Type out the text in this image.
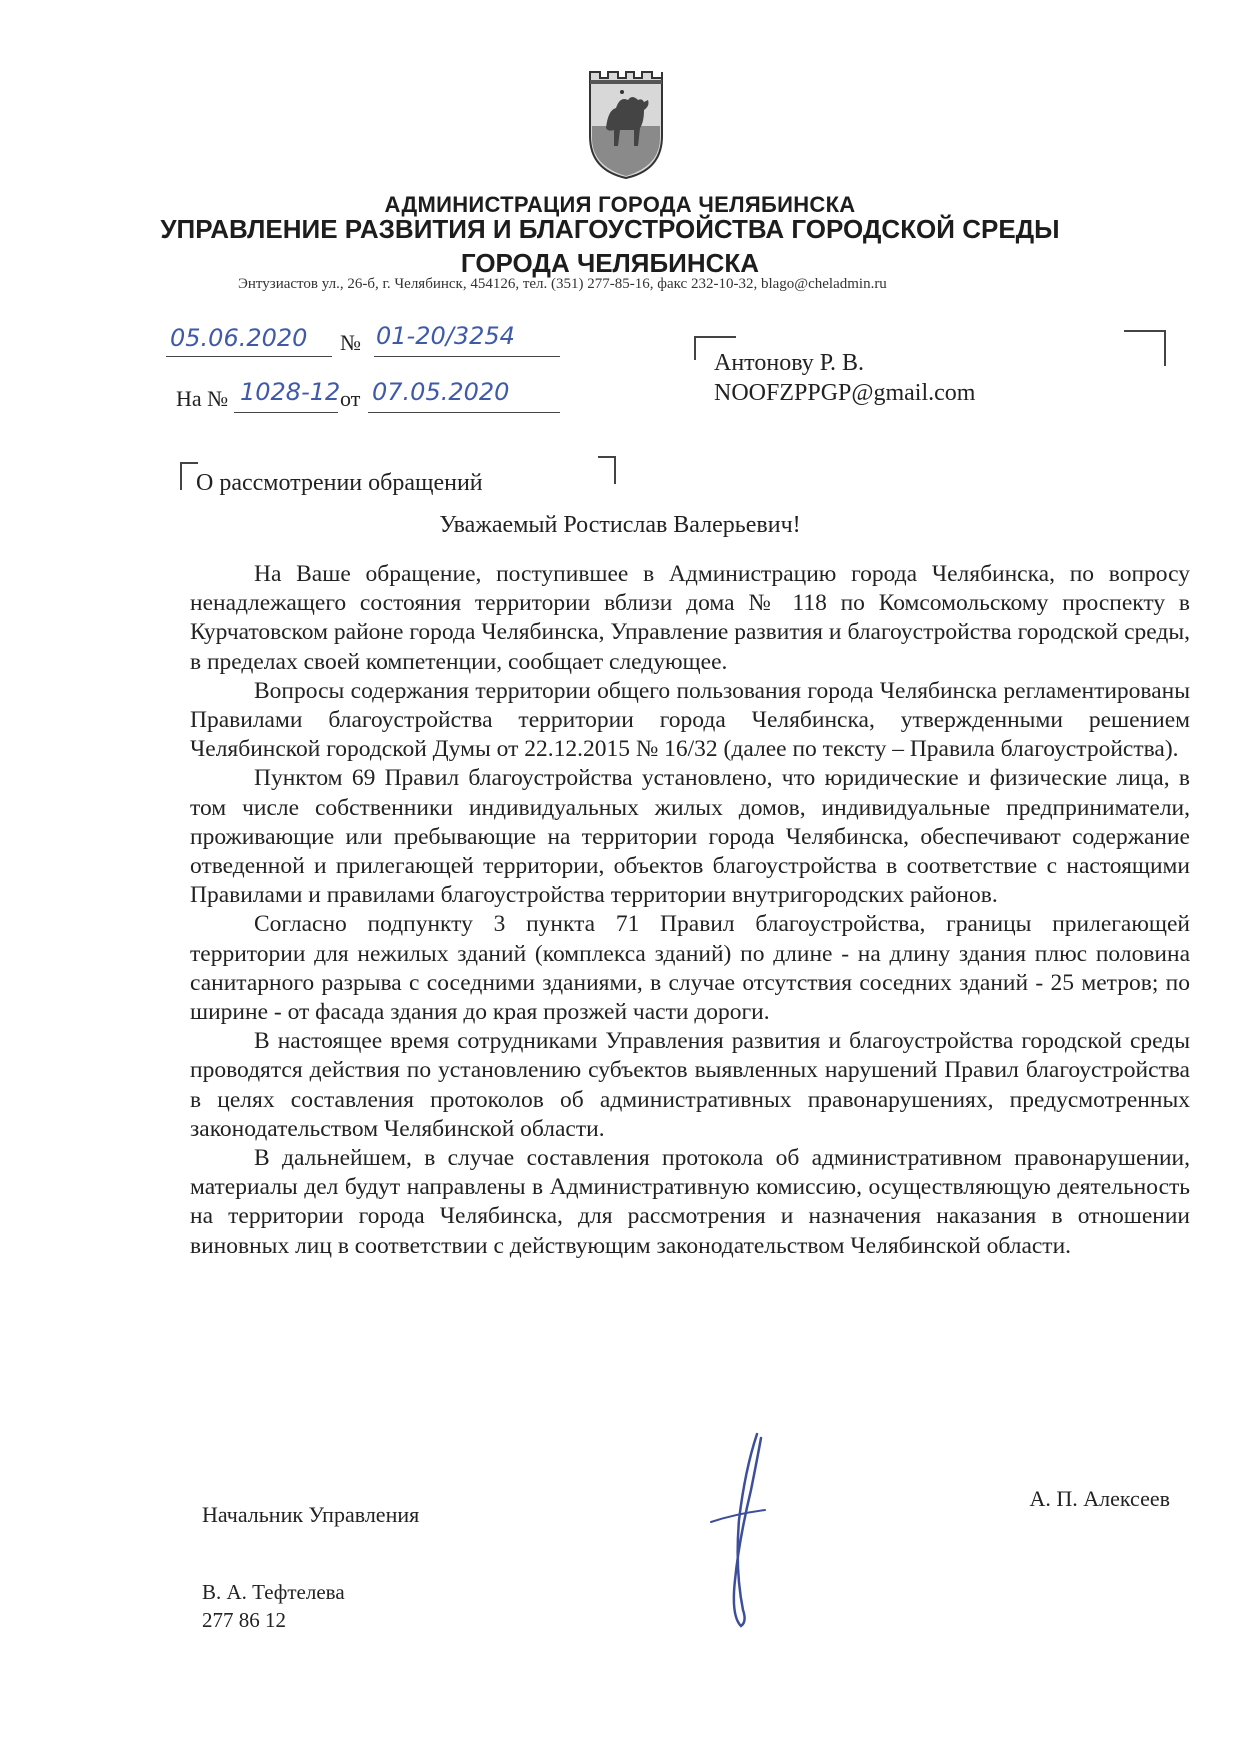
АДМИНИСТРАЦИЯ ГОРОДА ЧЕЛЯБИНСКА
УПРАВЛЕНИЕ РАЗВИТИЯ И БЛАГОУСТРОЙСТВА ГОРОДСКОЙ СРЕДЫ
ГОРОДА ЧЕЛЯБИНСКА
Энтузиастов ул., 26-б, г. Челябинск, 454126, тел. (351) 277-85-16, факс 232-10-32, blago@cheladmin.ru
05.06.2020 № 01-20/3254
На № 1028-12 от 07.05.2020
Антонову Р. В.
NOOFZPPGP@gmail.com
О рассмотрении обращений
Уважаемый Ростислав Валерьевич!

На Ваше обращение, поступившее в Администрацию города Челябинска, по вопросу ненадлежащего состояния территории вблизи дома № 118 по Комсомольскому проспекту в Курчатовском районе города Челябинска, Управление развития и благоустройства городской среды, в пределах своей компетенции, сообщает следующее.

Вопросы содержания территории общего пользования города Челябинска регламентированы Правилами благоустройства территории города Челябинска, утвержденными решением Челябинской городской Думы от 22.12.2015 № 16/32 (далее по тексту – Правила благоустройства).

Пунктом 69 Правил благоустройства установлено, что юридические и физические лица, в том числе собственники индивидуальных жилых домов, индивидуальные предприниматели, проживающие или пребывающие на территории города Челябинска, обеспечивают содержание отведенной и прилегающей территории, объектов благоустройства в соответствие с настоящими Правилами и правилами благоустройства территории внутригородских районов.

Согласно подпункту 3 пункта 71 Правил благоустройства, границы прилегающей территории для нежилых зданий (комплекса зданий) по длине - на длину здания плюс половина санитарного разрыва с соседними зданиями, в случае отсутствия соседних зданий - 25 метров; по ширине - от фасада здания до края прозжей части дороги.

В настоящее время сотрудниками Управления развития и благоустройства городской среды проводятся действия по установлению субъектов выявленных нарушений Правил благоустройства в целях составления протоколов об административных правонарушениях, предусмотренных законодательством Челябинской области.

В дальнейшем, в случае составления протокола об административном правонарушении, материалы дел будут направлены в Административную комиссию, осуществляющую деятельность на территории города Челябинска, для рассмотрения и назначения наказания в отношении виновных лиц в соответствии с действующим законодательством Челябинской области.

Начальник Управления
А. П. Алексеев
В. А. Тефтелева
277 86 12
